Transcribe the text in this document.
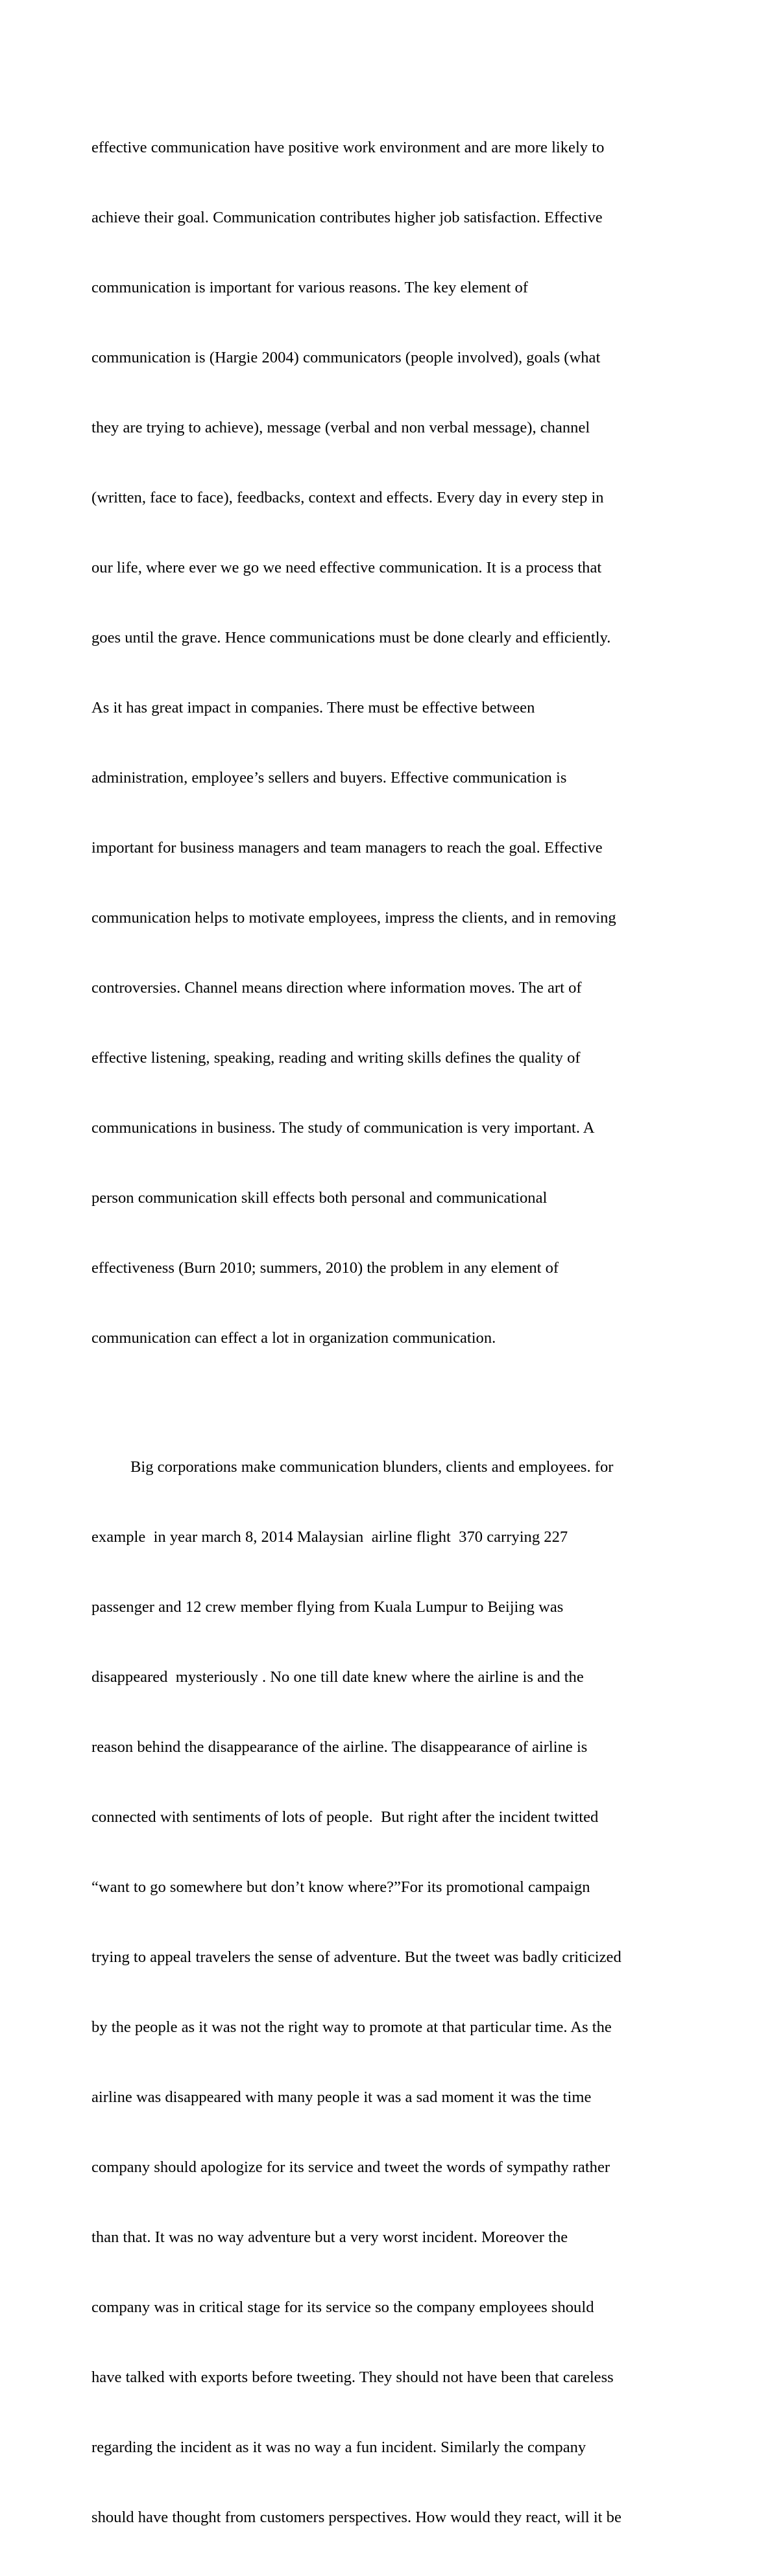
effective communication have positive work environment and are more likely to

achieve their goal. Communication contributes higher job satisfaction. Effective

communication is important for various reasons. The key element of

communication is (Hargie 2004) communicators (people involved), goals (what

they are trying to achieve), message (verbal and non verbal message), channel

(written, face to face), feedbacks, context and effects. Every day in every step in

our life, where ever we go we need effective communication. It is a process that

goes until the grave. Hence communications must be done clearly and efficiently.

As it has great impact in companies. There must be effective between

administration, employee’s sellers and buyers. Effective communication is

important for business managers and team managers to reach the goal. Effective

communication helps to motivate employees, impress the clients, and in removing

controversies. Channel means direction where information moves. The art of

effective listening, speaking, reading and writing skills defines the quality of

communications in business. The study of communication is very important. A

person communication skill effects both personal and communicational

effectiveness (Burn 2010; summers, 2010) the problem in any element of

communication can effect a lot in organization communication.

Big corporations make communication blunders, clients and employees. for

example  in year march 8, 2014 Malaysian  airline flight  370 carrying 227

passenger and 12 crew member flying from Kuala Lumpur to Beijing was

disappeared  mysteriously . No one till date knew where the airline is and the

reason behind the disappearance of the airline. The disappearance of airline is

connected with sentiments of lots of people.  But right after the incident twitted

“want to go somewhere but don’t know where?”For its promotional campaign

trying to appeal travelers the sense of adventure. But the tweet was badly criticized

by the people as it was not the right way to promote at that particular time. As the

airline was disappeared with many people it was a sad moment it was the time

company should apologize for its service and tweet the words of sympathy rather

than that. It was no way adventure but a very worst incident. Moreover the

company was in critical stage for its service so the company employees should

have talked with exports before tweeting. They should not have been that careless

regarding the incident as it was no way a fun incident. Similarly the company

should have thought from customers perspectives. How would they react, will it be
